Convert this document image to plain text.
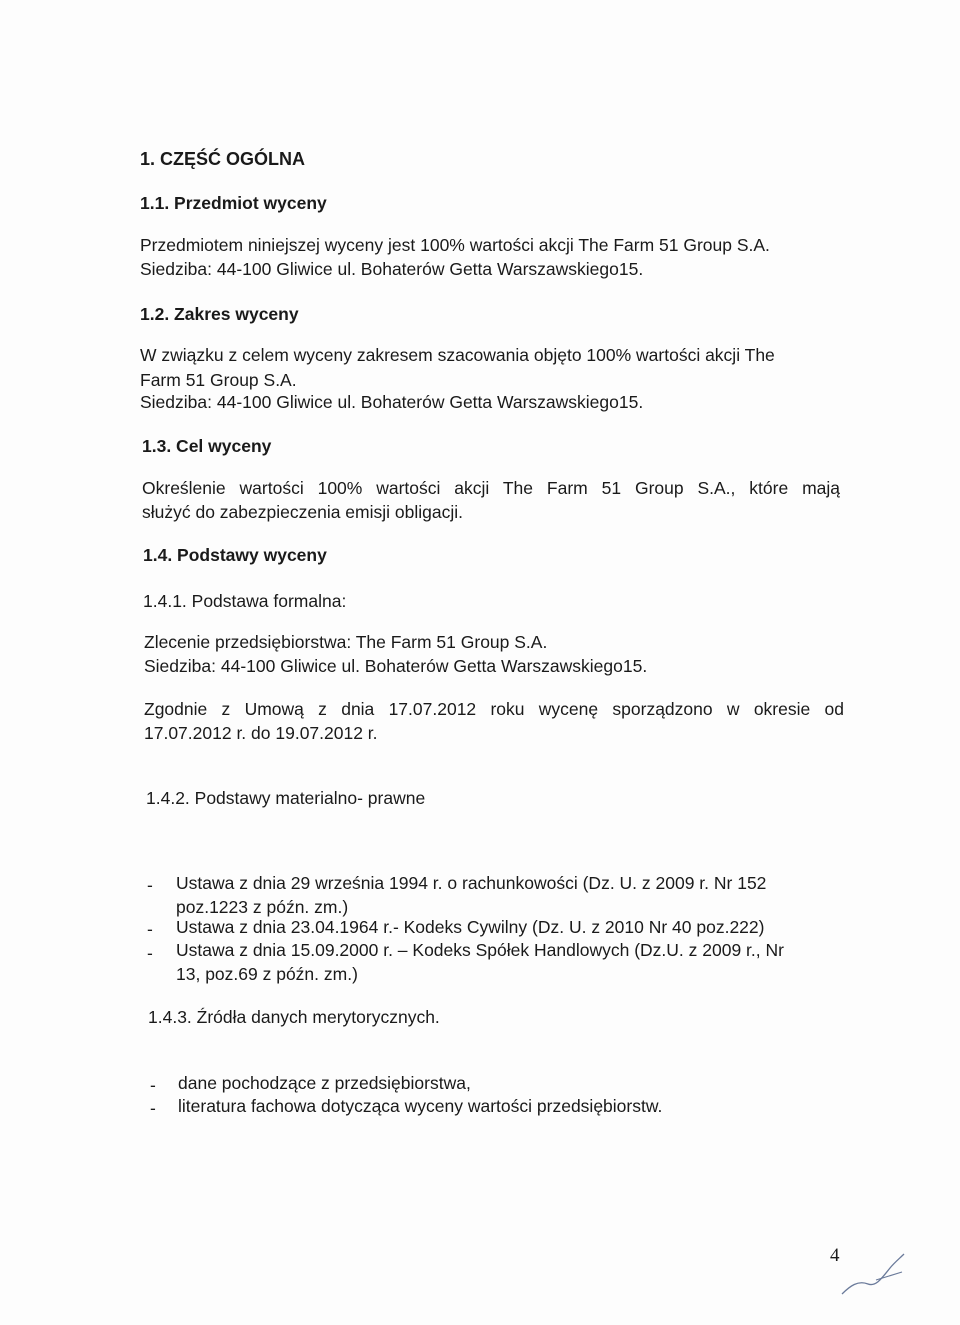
1. CZĘŚĆ OGÓLNA
1.1. Przedmiot wyceny
Przedmiotem niniejszej wyceny jest 100% wartości akcji The Farm 51 Group S.A.
Siedziba: 44-100 Gliwice ul. Bohaterów Getta Warszawskiego15.
1.2. Zakres wyceny
W związku z celem wyceny zakresem szacowania objęto 100% wartości akcji The
Farm 51 Group S.A.
Siedziba: 44-100 Gliwice ul. Bohaterów Getta Warszawskiego15.
1.3. Cel wyceny
Określenie wartości 100% wartości akcji The Farm 51 Group S.A., które mają
służyć do zabezpieczenia emisji obligacji.
1.4. Podstawy wyceny
1.4.1. Podstawa formalna:
Zlecenie przedsiębiorstwa: The Farm 51 Group S.A.
Siedziba: 44-100 Gliwice ul. Bohaterów Getta Warszawskiego15.
Zgodnie z Umową z dnia 17.07.2012 roku wycenę sporządzono w okresie od
17.07.2012 r. do 19.07.2012 r.
1.4.2. Podstawy materialno- prawne
- Ustawa z dnia 29 września 1994 r. o rachunkowości (Dz. U. z 2009 r. Nr 152
poz.1223 z późn. zm.)
- Ustawa z dnia 23.04.1964 r.- Kodeks Cywilny (Dz. U. z 2010 Nr 40 poz.222)
- Ustawa z dnia 15.09.2000 r. – Kodeks Spółek Handlowych (Dz.U. z 2009 r., Nr
13, poz.69 z późn. zm.)
1.4.3. Źródła danych merytorycznych.
- dane pochodzące z przedsiębiorstwa,
- literatura fachowa dotycząca wyceny wartości przedsiębiorstw.
4
